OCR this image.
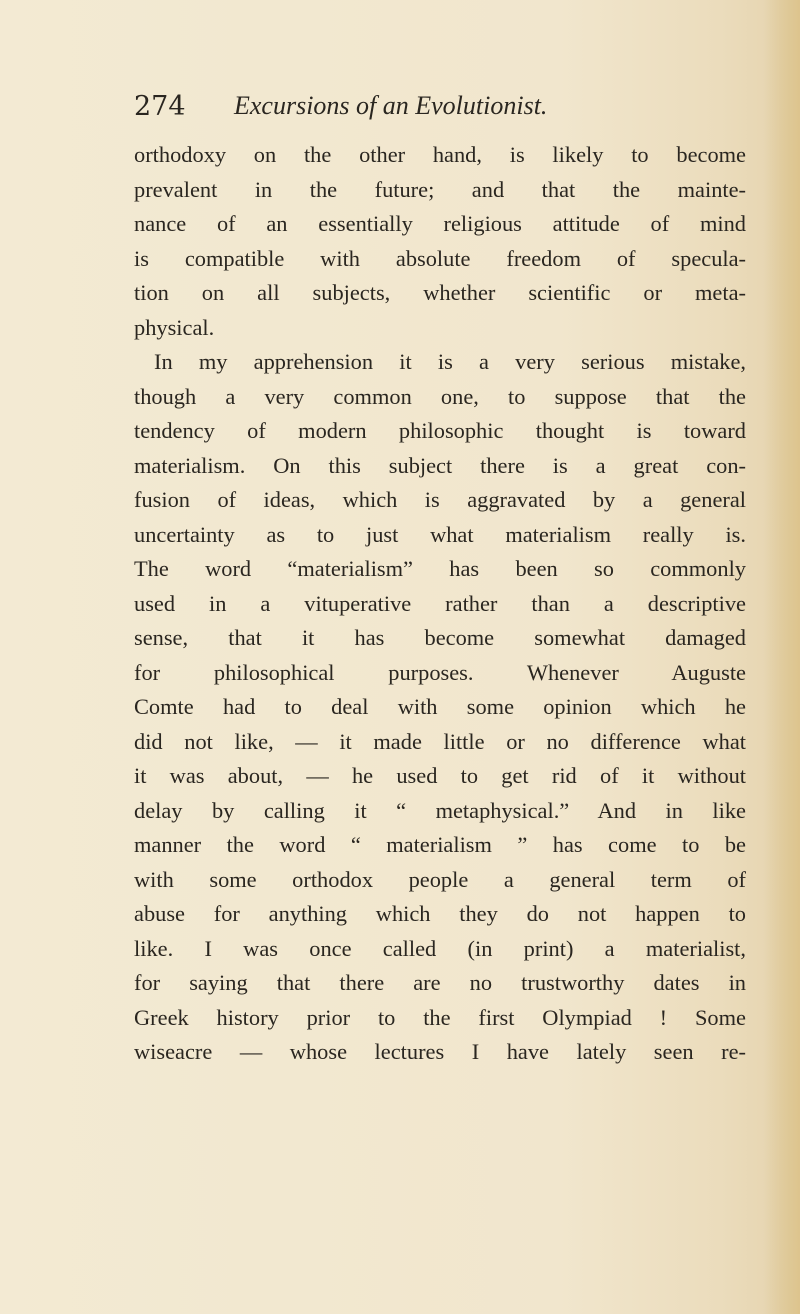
274 Excursions of an Evolutionist.
orthodoxy on the other hand, is likely to become
prevalent in the future; and that the mainte-
nance of an essentially religious attitude of mind
is compatible with absolute freedom of specula-
tion on all subjects, whether scientific or meta-
physical.
In my apprehension it is a very serious mistake,
though a very common one, to suppose that the
tendency of modern philosophic thought is toward
materialism. On this subject there is a great con-
fusion of ideas, which is aggravated by a general
uncertainty as to just what materialism really is.
The word “materialism” has been so commonly
used in a vituperative rather than a descriptive
sense, that it has become somewhat damaged
for philosophical purposes. Whenever Auguste
Comte had to deal with some opinion which he
did not like, — it made little or no difference what
it was about, — he used to get rid of it without
delay by calling it “ metaphysical.” And in like
manner the word “ materialism ” has come to be
with some orthodox people a general term of
abuse for anything which they do not happen to
like. I was once called (in print) a materialist,
for saying that there are no trustworthy dates in
Greek history prior to the first Olympiad ! Some
wiseacre — whose lectures I have lately seen re-
